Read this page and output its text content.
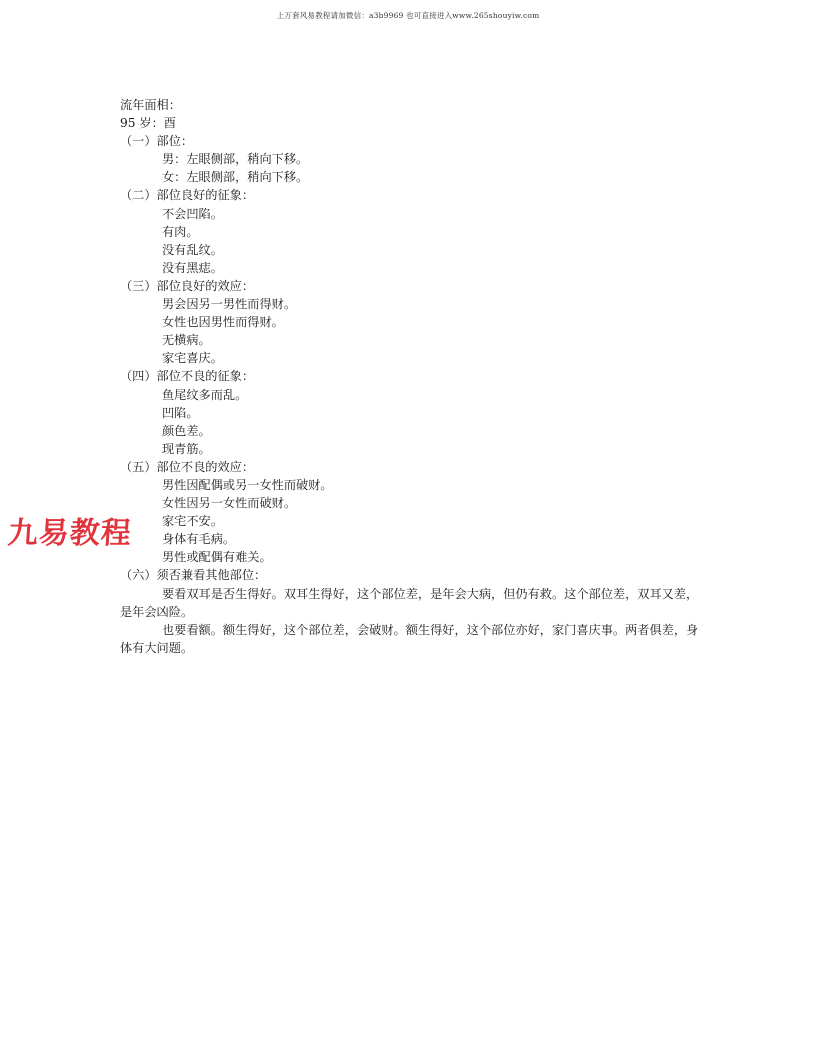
上万套风易教程请加微信：a3b9969 也可直接进入www.265shouyiw.com
流年面相：
95 岁：酉
（一）部位：
男：左眼侧部，稍向下移。
女：左眼侧部，稍向下移。
（二）部位良好的征象：
不会凹陷。
有肉。
没有乱纹。
没有黑痣。
（三）部位良好的效应：
男会因另一男性而得财。
女性也因男性而得财。
无横病。
家宅喜庆。
（四）部位不良的征象：
鱼尾纹多而乱。
凹陷。
颜色差。
现青筋。
（五）部位不良的效应：
男性因配偶或另一女性而破财。
女性因另一女性而破财。
家宅不安。
身体有毛病。
男性或配偶有难关。
（六）须否兼看其他部位：
要看双耳是否生得好。双耳生得好，这个部位差，是年会大病，但仍有救。这个部位差，双耳又差，是年会凶险。
也要看额。额生得好，这个部位差，会破财。额生得好，这个部位亦好，家门喜庆事。两者俱差，身体有大问题。
九易教程
